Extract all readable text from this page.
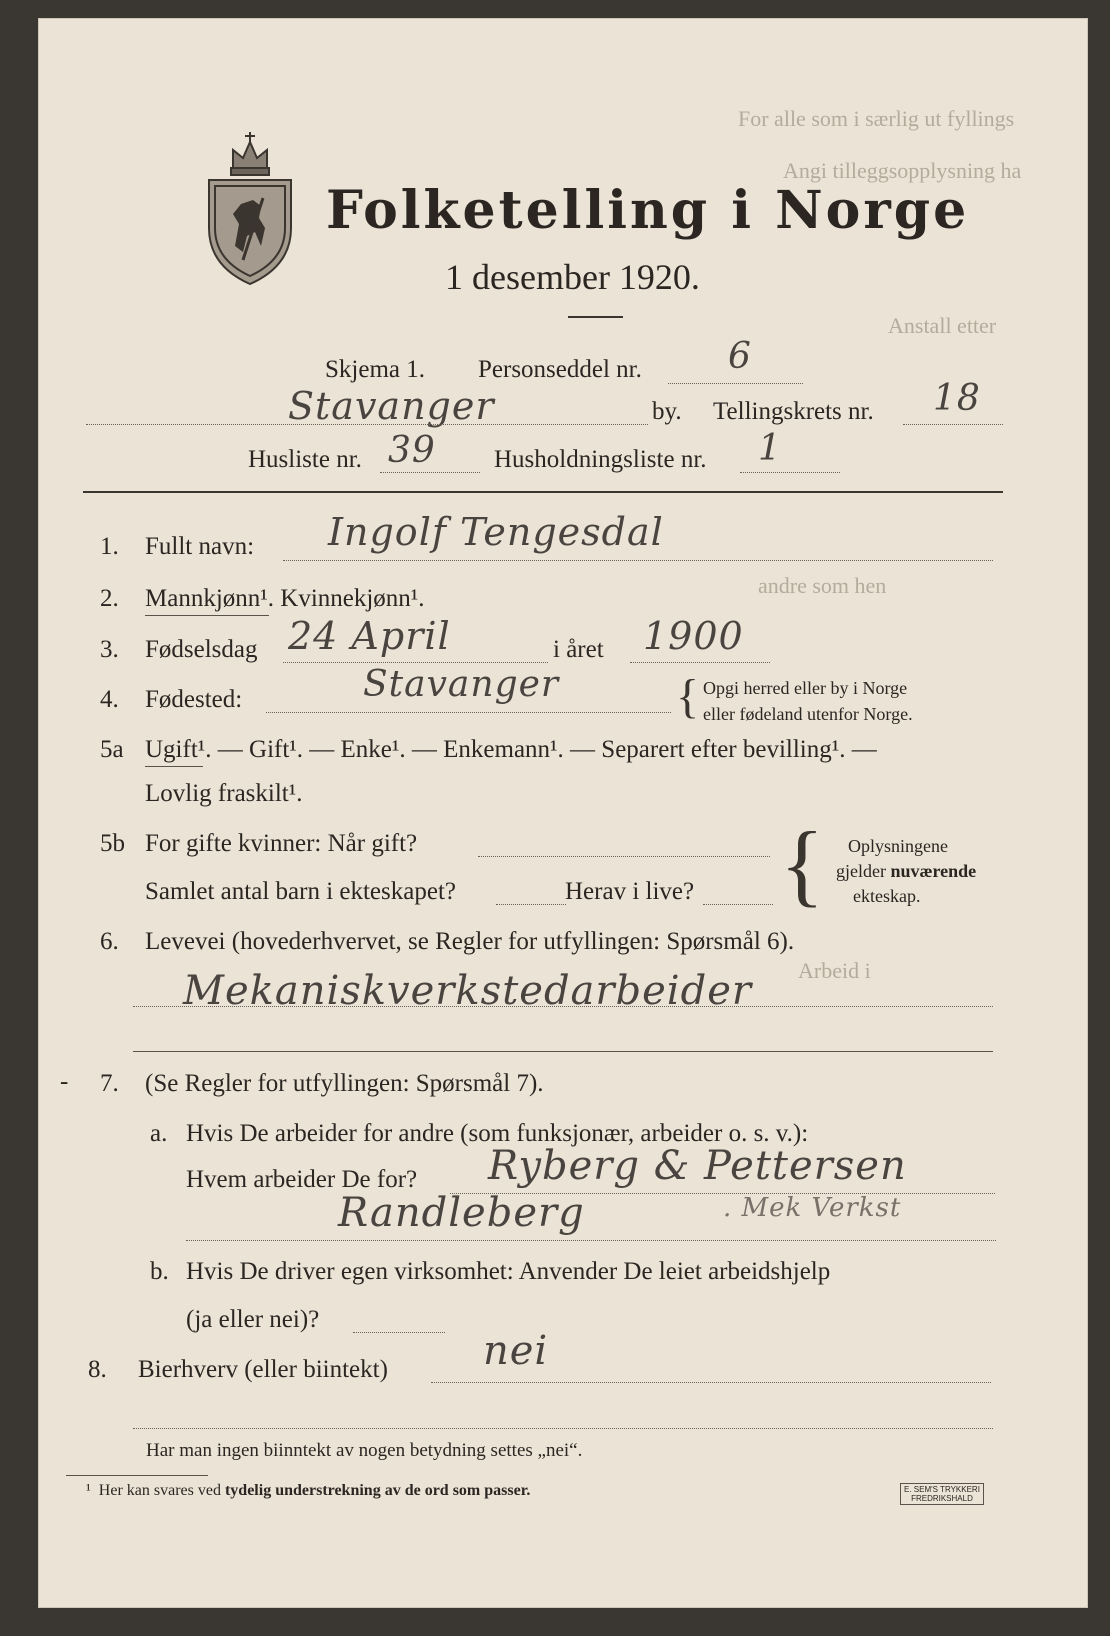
For alle som i særlig ut fyllings
Angi tilleggsopplysning ha
Anstall etter
andre som hen
Arbeid i
Folketelling i Norge
1 desember 1920.
Skjema 1. Personseddel nr. 6
Stavanger	by. Tellingskrets nr. 18
Husliste nr. 39 Husholdningsliste nr. 1
1. Fullt navn: Ingolf Tengesdal
2. Mannkjønn¹. Kvinnekjønn¹.
3. Fødselsdag 24 April	i året 1900
4. Fødested:	Stavanger { Opgi herred eller by i Norge
eller fødeland utenfor Norge.
5a Ugift¹. — Gift¹. — Enke¹. — Enkemann¹. — Separert efter bevilling¹. —
Lovlig fraskilt¹.
5b For gifte kvinner: Når gift?
Samlet antal barn i ekteskapet?	Herav i live? { Oplysningene
gjelder nuværende
ekteskap.
6. Levevei (hovederhvervet, se Regler for utfyllingen: Spørsmål 6).
Mekaniskverkstedarbeider
- 7. (Se Regler for utfyllingen: Spørsmål 7).
a. Hvis De arbeider for andre (som funksjonær, arbeider o. s. v.):
Hvem arbeider De for? Ryberg & Pettersen
Randleberg	. Mek Verkst
b. Hvis De driver egen virksomhet: Anvender De leiet arbeidshjelp
(ja eller nei)?
8. Bierhverv (eller biintekt) nei
Har man ingen biinntekt av nogen betydning settes „nei“.
¹ Her kan svares ved tydelig understrekning av de ord som passer.	E. SEM'S TRYKKERI
FREDRIKSHALD
